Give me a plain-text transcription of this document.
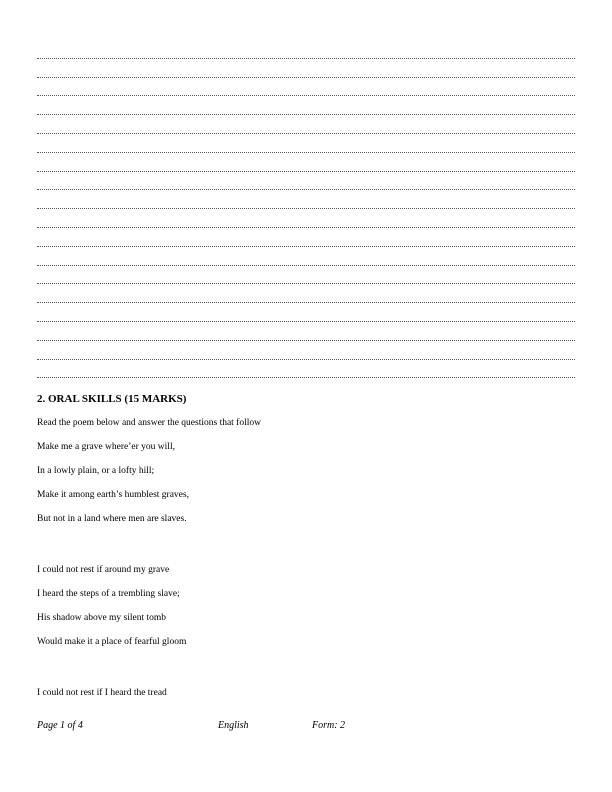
2. ORAL SKILLS (15 MARKS)
Read the poem below and answer the questions that follow
Make me a grave where’er you will,
In a lowly plain, or a lofty hill;
Make it among earth’s humblest graves,
But not in a land where men are slaves.
I could not rest if around my grave
I heard the steps of a trembling slave;
His shadow above my silent tomb
Would make it a place of fearful gloom
I could not rest if I heard the tread
Page 1 of 4	English	Form: 2
